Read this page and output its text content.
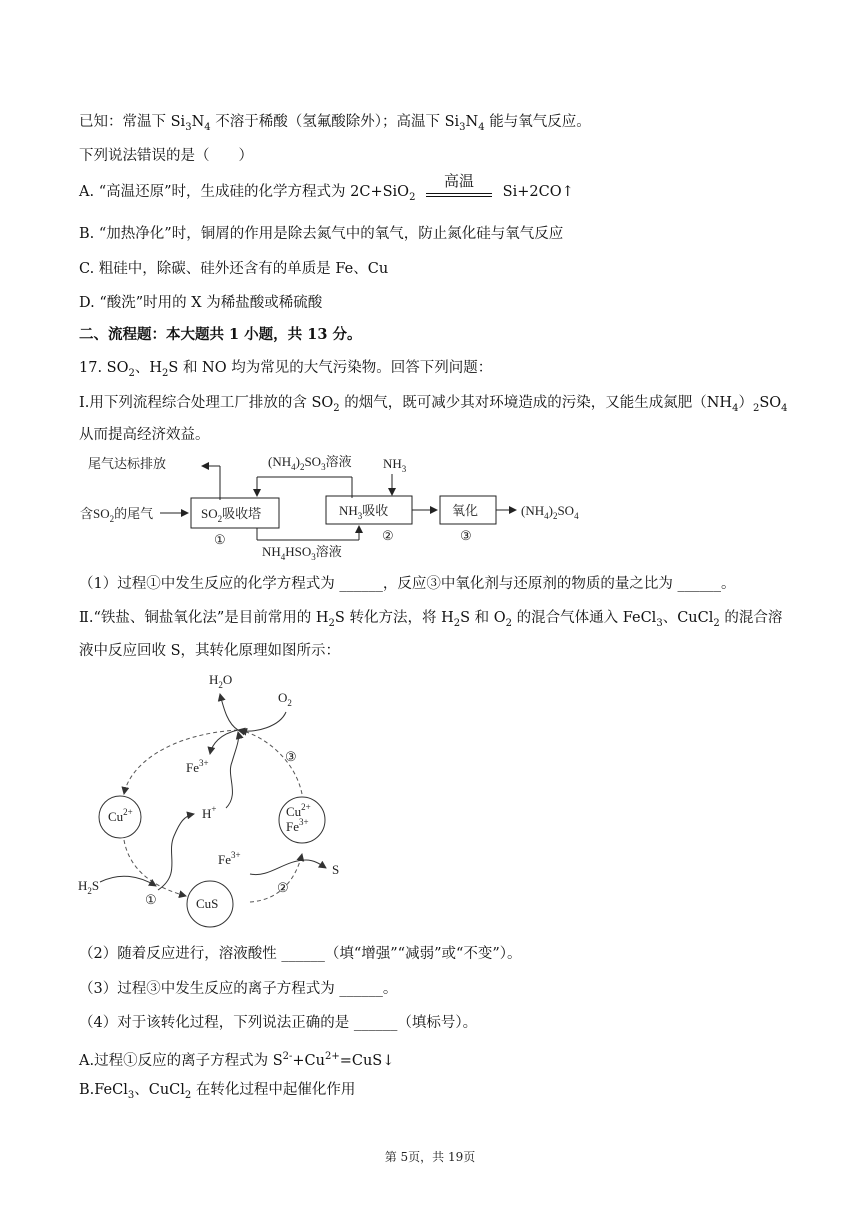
已知：常温下 $Si_3N_4$ 不溶于稀酸（氢氟酸除外）；高温下 $Si_3N_4$ 能与氧气反应。
下列说法错误的是（　　）
A. “高温还原”时，生成硅的化学方程式为 2C+SiO$_2$
高温
Si+2CO↑
B. “加热净化”时，铜屑的作用是除去氮气中的氧气，防止氮化硅与氧气反应
C. 粗硅中，除碳、硅外还含有的单质是 Fe、Cu
D. “酸洗”时用的 X 为稀盐酸或稀硫酸
二、流程题：本大题共 1 小题，共 13 分。
17. $SO_2$、$H_2S$ 和 NO 均为常见的大气污染物。回答下列问题：
Ⅰ.用下列流程综合处理工厂排放的含 $SO_2$ 的烟气，既可减少其对环境造成的污染，又能生成氮肥$(NH_4)_2SO_4$
从而提高经济效益。
尾气达标排放
含$SO_2$的尾气	$SO_2$吸收塔
①
$(NH_4)_2SO_3$溶液 $NH_3$
$NH_3$吸收
②
$NH_4HSO_3$溶液
氧化
③
$(NH_4)_2SO_4$
（1）过程①中发生反应的化学方程式为 ______，反应③中氧化剂与还原剂的物质的量之比为 ______。
Ⅱ.“铁盐、铜盐氧化法”是目前常用的 $H_2S$ 转化方法，将 $H_2S$ 和 $O_2$ 的混合气体通入 FeCl$_3$、CuCl$_2$ 的混合溶
液中反应回收 S，其转化原理如图所示：
$H_2O$
$O_2$
$Fe^{3+}$	③
$Cu^{2+}$	H+	$Cu^{2+}$
$Fe^{3+}$
$Fe^{3+}$
S
②
$H_2S$
①	CuS
（2）随着反应进行，溶液酸性 ______（填“增强”“减弱”或“不变”）。
（3）过程③中发生反应的离子方程式为 ______。
（4）对于该转化过程，下列说法正确的是 ______（填标号）。
A.过程①反应的离子方程式为 $S^{2-}+Cu^{2+}=CuS↓$
B.FeCl$_3$、CuCl$_2$ 在转化过程中起催化作用
第 5页，共 19页
